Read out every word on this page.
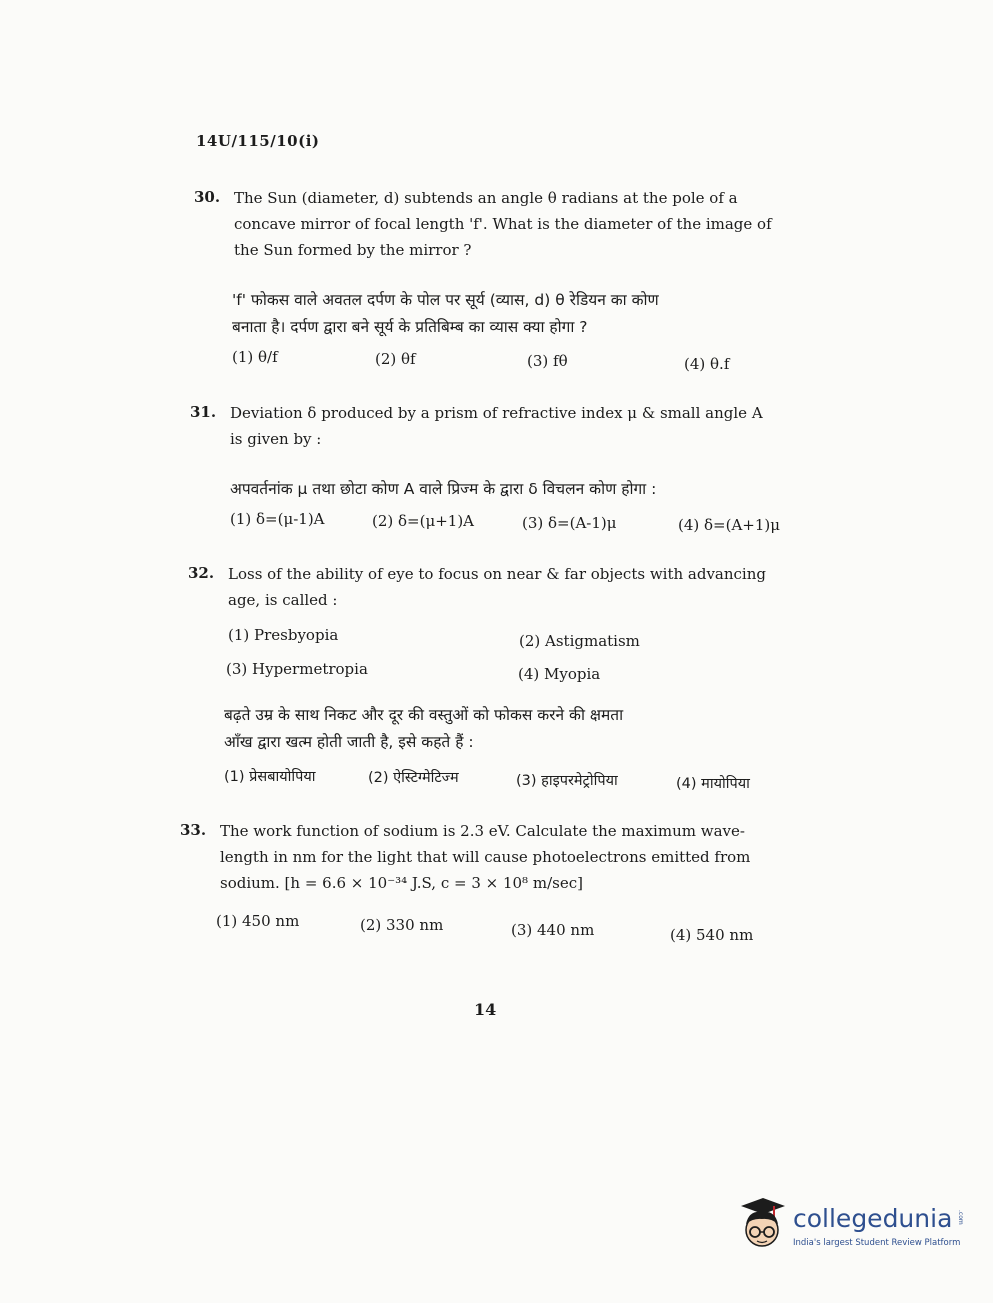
14U/115/10(i)
30. The Sun (diameter, d) subtends an angle θ radians at the pole of a
concave mirror of focal length 'f'. What is the diameter of the image of
the Sun formed by the mirror ?
'f' फोकस वाले अवतल दर्पण के पोल पर सूर्य (व्यास, d) θ रेडियन का कोण
बनाता है। दर्पण द्वारा बने सूर्य के प्रतिबिम्ब का व्यास क्या होगा ?
(1) θ/f	(2) θf	(3) fθ	(4) θ.f
31. Deviation δ produced by a prism of refractive index μ & small angle A
is given by :
अपवर्तनांक μ तथा छोटा कोण A वाले प्रिज्म के द्वारा δ विचलन कोण होगा :
(1) δ=(μ-1)A	(2) δ=(μ+1)A	(3) δ=(A-1)μ	(4) δ=(A+1)μ
32. Loss of the ability of eye to focus on near & far objects with advancing
age, is called :
(1) Presbyopia	(2) Astigmatism
(3) Hypermetropia	(4) Myopia
बढ़ते उम्र के साथ निकट और दूर की वस्तुओं को फोकस करने की क्षमता
आँख द्वारा खत्म होती जाती है, इसे कहते हैं :
(1) प्रेसबायोपिया	(2) ऐस्टिग्मेटिज्म	(3) हाइपरमेट्रोपिया	(4) मायोपिया
33. The work function of sodium is 2.3 eV. Calculate the maximum wave-
length in nm for the light that will cause photoelectrons emitted from
sodium. [h = 6.6 × 10⁻³⁴ J.S, c = 3 × 10⁸ m/sec]
(1) 450 nm	(2) 330 nm	(3) 440 nm	(4) 540 nm
14
collegedunia .com
India's largest Student Review Platform
